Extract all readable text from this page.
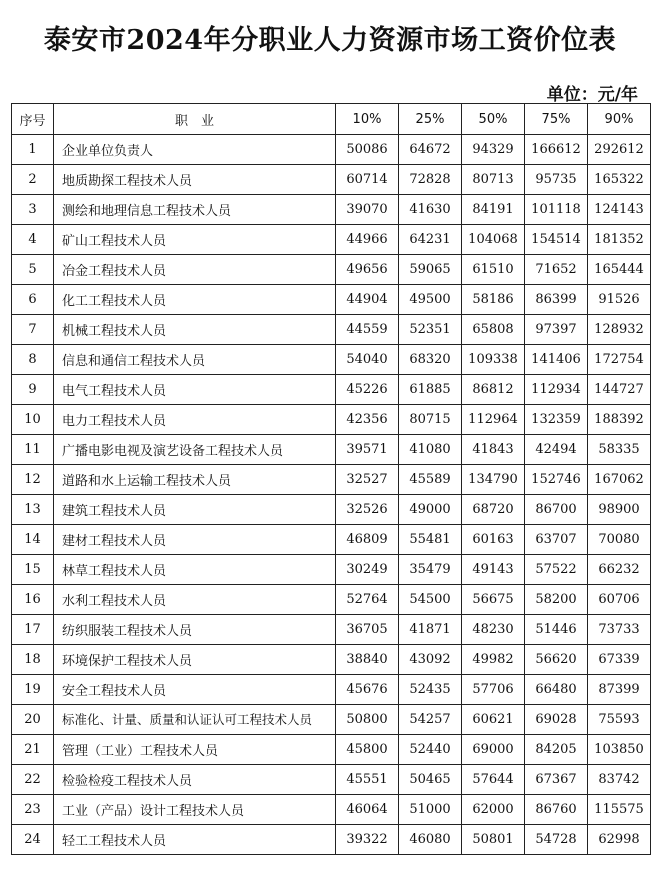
泰安市2024年分职业人力资源市场工资价位表
单位：元/年
序号	职　业	10%	25%	50%	75%	90%
1	企业单位负责人	50086	64672	94329	166612	292612
2	地质勘探工程技术人员	60714	72828	80713	95735	165322
3	测绘和地理信息工程技术人员	39070	41630	84191	101118	124143
4	矿山工程技术人员	44966	64231	104068	154514	181352
5	冶金工程技术人员	49656	59065	61510	71652	165444
6	化工工程技术人员	44904	49500	58186	86399	91526
7	机械工程技术人员	44559	52351	65808	97397	128932
8	信息和通信工程技术人员	54040	68320	109338	141406	172754
9	电气工程技术人员	45226	61885	86812	112934	144727
10	电力工程技术人员	42356	80715	112964	132359	188392
11	广播电影电视及演艺设备工程技术人员	39571	41080	41843	42494	58335
12	道路和水上运输工程技术人员	32527	45589	134790	152746	167062
13	建筑工程技术人员	32526	49000	68720	86700	98900
14	建材工程技术人员	46809	55481	60163	63707	70080
15	林草工程技术人员	30249	35479	49143	57522	66232
16	水利工程技术人员	52764	54500	56675	58200	60706
17	纺织服装工程技术人员	36705	41871	48230	51446	73733
18	环境保护工程技术人员	38840	43092	49982	56620	67339
19	安全工程技术人员	45676	52435	57706	66480	87399
20	标准化、计量、质量和认证认可工程技术人员	50800	54257	60621	69028	75593
21	管理（工业）工程技术人员	45800	52440	69000	84205	103850
22	检验检疫工程技术人员	45551	50465	57644	67367	83742
23	工业（产品）设计工程技术人员	46064	51000	62000	86760	115575
24	轻工工程技术人员	39322	46080	50801	54728	62998
